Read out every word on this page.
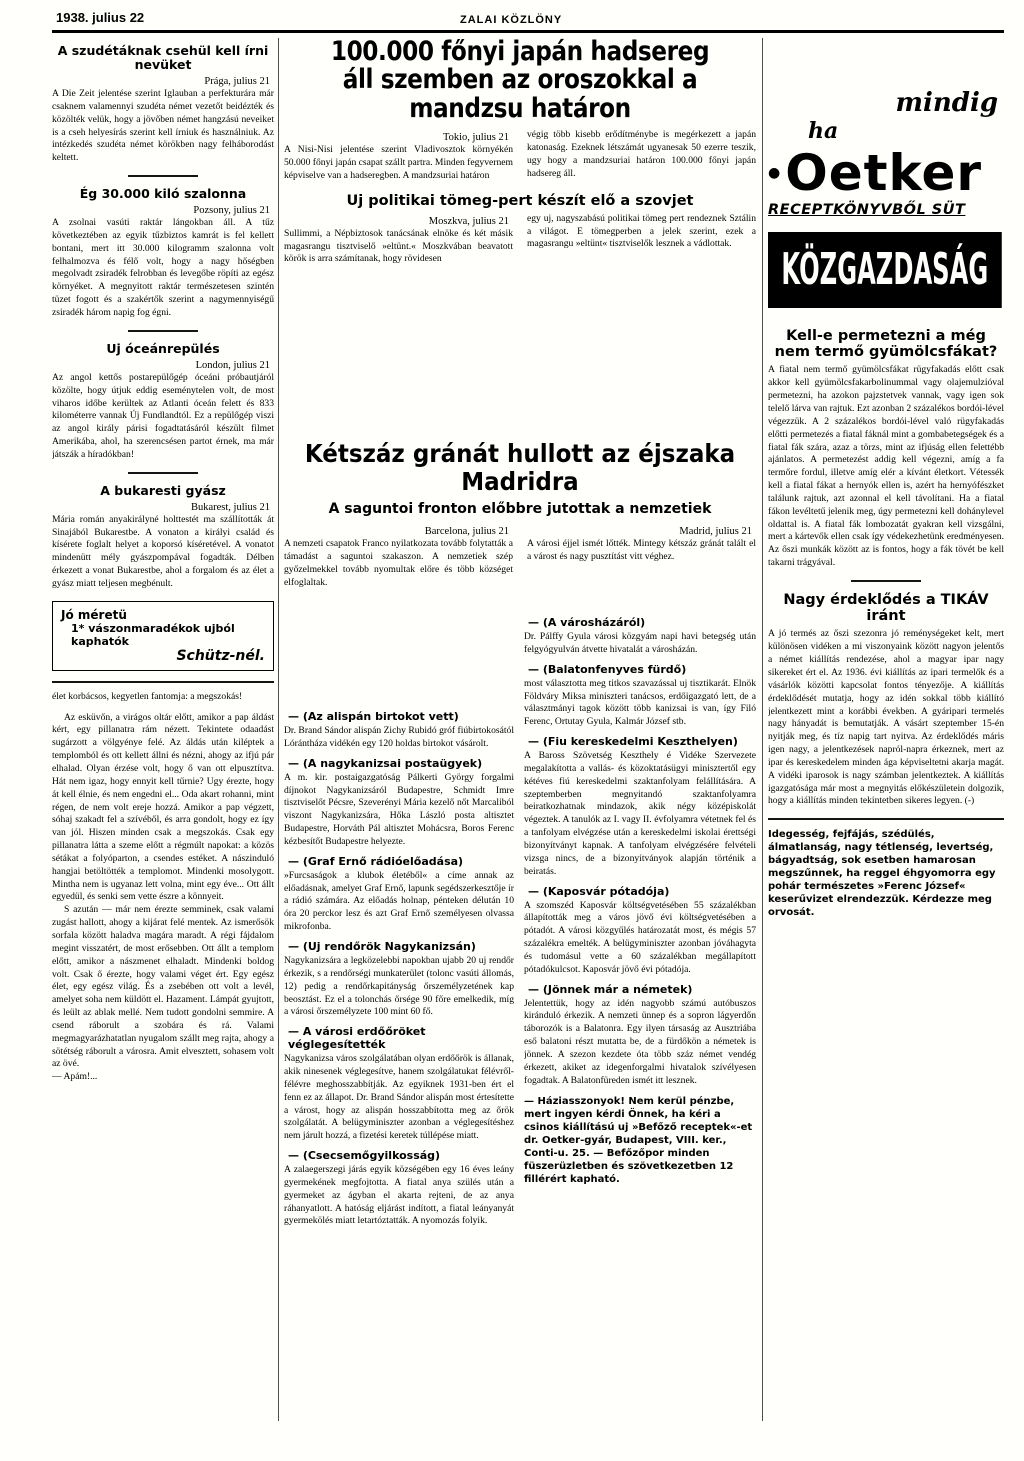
1938. julius 22	ZALAI KÖZLÖNY
A szudétáknak csehül kell írni nevüket
Prága, julius 21

A Die Zeit jelentése szerint Iglauban a perfekturára már csaknem valamennyi szudéta német vezetőt beidézték és közölték velük, hogy a jövőben német hangzású neveiket is a cseh helyesírás szerint kell írniuk és használniuk. Az intézkedés szudéta német körökben nagy felháborodást keltett.

Ég 30.000 kiló szalonna
Pozsony, julius 21

A zsolnai vasúti raktár lángokban áll. A tűz következtében az egyik tűzbiztos kamrát is fel kellett bontani, mert itt 30.000 kilogramm szalonna volt felhalmozva és félő volt, hogy a nagy hőségben megolvadt zsiradék felrobban és levegőbe röpíti az egész környéket. A megnyitott raktár természetesen szintén tüzet fogott és a szakértők szerint a nagymennyiségű zsiradék három napig fog égni.

Uj óceánrepülés
London, julius 21

Az angol kettős postarepülőgép óceáni próbautjáról közölte, hogy útjuk eddig eseménytelen volt, de most viharos időbe kerültek az Atlanti óceán felett és 833 kilométerre vannak Új Fundlandtól. Ez a repülőgép viszi az angol király párisi fogadtatásáról készült filmet Amerikába, ahol, ha szerencsésen partot érnek, ma már játszák a híradókban!

A bukaresti gyász
Bukarest, julius 21

Mária román anyakirályné holttestét ma szállították át Sinajából Bukarestbe. A vonaton a királyi család és kísérete foglalt helyet a koporsó kíséretével. A vonatot mindenütt mély gyászpompával fogadták. Délben érkezett a vonat Bukarestbe, ahol a forgalom és az élet a gyász miatt teljesen megbénult.

Jó méretü
1* vászonmaradékok ujból kaphatók
Schütz-nél.

élet korbácsos, kegyetlen fantomja: a megszokás!

Az esküvőn, a virágos oltár előtt, amikor a pap áldást kért, egy pillanatra rám nézett. Tekintete odaadást sugárzott a völgyénye felé. Az áldás után kiléptek a templomból és ott kellett állni és nézni, ahogy az ifjú pár elhalad. Olyan érzése volt, hogy ő van ott elpusztítva. Hát nem igaz, hogy ennyit kell tűrnie? Ugy érezte, hogy át kell élnie, és nem engedni el... Oda akart rohanni, mint régen, de nem volt ereje hozzá. Amikor a pap végzett, sóhaj szakadt fel a szívéből, és arra gondolt, hogy ez így van jól. Hiszen minden csak a megszokás. Csak egy pillanatra látta a szeme előtt a régmúlt napokat: a közös sétákat a folyóparton, a csendes estéket. A nászinduló hangjai betöltötték a templomot. Mindenki mosolygott. Mintha nem is ugyanaz lett volna, mint egy éve... Ott állt egyedül, és senki sem vette észre a könnyeit.

S azután — már nem érezte semminek, csak valami zugást hallott, ahogy a kijárat felé mentek. Az ismerősök sorfala között haladva magára maradt. A régi fájdalom megint visszatért, de most erősebben. Ott állt a templom előtt, amikor a nászmenet elhaladt. Mindenki boldog volt. Csak ő érezte, hogy valami véget ért. Egy egész élet, egy egész világ. És a zsebében ott volt a levél, amelyet soha nem küldött el. Hazament. Lámpát gyujtott, és leült az ablak mellé. Nem tudott gondolni semmire. A csend ráborult a szobára és rá. Valami megmagyarázhatatlan nyugalom szállt meg rajta, ahogy a sötétség ráborult a városra. Amit elvesztett, sohasem volt az övé.

— Apám!...

100.000 főnyi japán hadsereg áll szemben az oroszokkal a mandzsu határon
Tokio, julius 21

A Nisi-Nisi jelentése szerint Vladivosztok környékén 50.000 főnyi japán csapat szállt partra. Minden fegyvernem képviselve van a hadseregben. A mandzsuriai határon

végig több kisebb erődítménybe is megérkezett a japán katonaság. Ezeknek létszámát ugyanesak 50 ezerre teszik, ugy hogy a mandzsuriai határon 100.000 főnyi japán hadsereg áll.

Uj politikai tömeg-pert készít elő a szovjet
Moszkva, julius 21

Sullimmi, a Népbiztosok tanácsának elnöke és két másik magasrangu tisztviselő »eltünt.« Moszkvában beavatott körök is arra számítanak, hogy rövidesen

egy uj, nagyszabású politikai tömeg pert rendeznek Sztálin a világot. E tömegperben a jelek szerint, ezek a magasrangu »eltünt« tisztviselők lesznek a vádlottak.

Kétszáz gránát hullott az éjszaka Madridra
A saguntoi fronton előbbre jutottak a nemzetiek
Barcelona, julius 21

A nemzeti csapatok Franco nyilatkozata tovább folytatták a támadást a saguntoi szakaszon. A nemzetiek szép győzelmekkel tovább nyomultak előre és több községet elfoglaltak.

Madrid, julius 21

A városi éjjel ismét lőtték. Mintegy kétszáz gránát talált el a várost és nagy pusztítást vitt véghez.

— (Az alispán birtokot vett)

Dr. Brand Sándor alispán Zichy Rubidó gróf fiúbirtokosától Lórántháza vidékén egy 120 holdas birtokot vásárolt.

— (A nagykanizsai postaügyek)

A m. kir. postaigazgatóság Pálkerti György forgalmi díjnokot Nagykanizsáról Budapestre, Schmidt Imre tisztviselőt Pécsre, Szeverényi Mária kezelő nőt Marcaliból viszont Nagykanizsára, Hőka László posta altisztet Budapestre, Horváth Pál altisztet Mohácsra, Boros Ferenc kézbesítőt Budapestre helyezte.

— (Graf Ernő rádióelőadása)

»Furcsaságok a klubok életéből« a címe annak az előadásnak, amelyet Graf Ernő, lapunk segédszerkesztője ír a rádió számára. Az előadás holnap, pénteken délután 10 óra 20 perckor lesz és azt Graf Ernő személyesen olvassa mikrofonba.

— (Uj rendőrök Nagykanizsán)

Nagykanizsára a legközelebbi napokban ujabb 20 uj rendőr érkezik, s a rendőrségi munkaterület (tolonc vasúti állomás, 12) pedig a rendőrkapitányság őrszemélyzetének kap beosztást. Ez el a tolonchás őrsége 90 főre emelkedik, míg a városi őrszemélyzete 100 mint 60 fő.

— A városi erdőőröket véglegesítették

Nagykanizsa város szolgálatában olyan erdőőrök is állanak, akik ninesenek véglegesítve, hanem szolgálatukat félévről-félévre meghosszabbítják. Az egyiknek 1931-ben ért el fenn ez az állapot. Dr. Brand Sándor alispán most értesítette a várost, hogy az alispán hosszabbította meg az őrök szolgálatát. A belügyminiszter azonban a véglegesítéshez nem járult hozzá, a fizetési keretek túllépése miatt.

— (Csecsemőgyilkosság)

A zalaegerszegi járás egyik községében egy 16 éves leány gyermekének megfojtotta. A fiatal anya szülés után a gyermeket az ágyban el akarta rejteni, de az anya ráhanyatlott. A hatóság eljárást indított, a fiatal leányanyát gyermekölés miatt letartóztatták. A nyomozás folyik.

— (A városházáról)

Dr. Pálffy Gyula városi közgyám napi havi betegség után felgyógyulván átvette hivatalát a városházán.

— (Balatonfenyves fürdő)

most választotta meg titkos szavazással uj tisztikarát. Elnök Földváry Miksa miniszteri tanácsos, erdőigazgató lett, de a választmányi tagok között több kanizsai is van, így Filó Ferenc, Ortutay Gyula, Kalmár József stb.

— (Fiu kereskedelmi Keszthelyen)

A Baross Szövetség Keszthely é Vidéke Szervezete megalakította a vallás- és közoktatásügyi minisztertől egy kétéves fiú kereskedelmi szaktanfolyam felállítására. A szeptemberben megnyitandó szaktanfolyamra beiratkozhatnak mindazok, akik négy középiskolát végeztek. A tanulók az I. vagy II. évfolyamra vétetnek fel és a tanfolyam elvégzése után a kereskedelmi iskolai érettségi bizonyítványt kapnak. A tanfolyam elvégzésére felvételi vizsga nincs, de a bizonyítványok alapján történik a beiratás.

— (Kaposvár pótadója)

A szomszéd Kaposvár költségvetésében 55 százalékban állapították meg a város jövő évi költségvetésében a pótadót. A városi közgyűlés határozatát most, és mégis 57 százalékra emelték. A belügyminiszter azonban jóváhagyta és tudomásul vette a 60 százalékban megállapított pótadókulcsot. Kaposvár jövő évi pótadója.

— (Jönnek már a németek)

Jelentettük, hogy az idén nagyobb számú autóbuszos kiránduló érkezik. A nemzeti ünnep és a sopron lágyerdőn táborozók is a Balatonra. Egy ilyen társaság az Ausztriába eső balatoni részt mutatta be, de a fürdőkön a németek is jönnek. A szezon kezdete óta több száz német vendég érkezett, akiket az idegenforgalmi hivatalok szívélyesen fogadtak. A Balatonfüreden ismét itt lesznek.

— Háziasszonyok! Nem kerül pénzbe, mert ingyen kérdi Önnek, ha kéri a csinos kiállítású uj »Befőző receptek«-et dr. Oetker-gyár, Budapest, VIII. ker., Conti-u. 25. — Befőzőpor minden füszerüzletben és szövetkezetben 12 fillérért kapható.

mindig
ha
● Oetker
RECEPTKÖNYVBŐL SÜT
KÖZGAZDASÁG
Kell-e permetezni a még nem termő gyümölcsfákat?

A fiatal nem termő gyümölcsfákat rügyfakadás előtt csak akkor kell gyümölcsfakarbolinummal vagy olajemulzióval permetezni, ha azokon pajzstetvek vannak, vagy igen sok telelő lárva van rajtuk. Ezt azonban 2 százalékos bordói-lével végezzük. A 2 százalékos bordói-lével való rügyfakadás előtti permetezés a fiatal fáknál mint a gombabetegségek és a fiatal fák szára, azaz a törzs, mint az ifjúság ellen felettébb ajánlatos. A permetezést addig kell végezni, amíg a fa termőre fordul, illetve amíg elér a kívánt életkort. Vétessék kell a fiatal fákat a hernyók ellen is, azért ha hernyófészket találunk rajtuk, azt azonnal el kell távolítani. Ha a fiatal fákon levéltetű jelenik meg, úgy permetezni kell dohánylevel oldattal is. A fiatal fák lombozatát gyakran kell vizsgálni, mert a kártevők ellen csak így védekezhetünk eredményesen. Az őszi munkák között az is fontos, hogy a fák tövét be kell takarni trágyával.

Nagy érdeklődés a TIKÁV iránt

A jó termés az őszi szezonra jó reménységeket kelt, mert különösen vidéken a mi viszonyaink között nagyon jelentős a német kiállítás rendezése, ahol a magyar ipar nagy sikereket ért el. Az 1936. évi kiállítás az ipari termelők és a vásárlók közötti kapcsolat fontos tényezője. A kiállítás érdeklődését mutatja, hogy az idén sokkal több kiállító jelentkezett mint a korábbi években. A gyáripari termelés nagy hányadát is bemutatják. A vásárt szeptember 15-én nyitják meg, és tíz napig tart nyitva. Az érdeklődés máris igen nagy, a jelentkezések napról-napra érkeznek, mert az ipar és kereskedelem minden ága képviseltetni akarja magát. A vidéki iparosok is nagy számban jelentkeztek. A kiállítás igazgatósága már most a megnyitás előkészületein dolgozik, hogy a kiállítás minden tekintetben sikeres legyen. (-)

Idegesség, fejfájás, szédülés, álmatlanság, nagy tétlenség, levertség, bágyadtság, sok esetben hamarosan megszűnnek, ha reggel éhgyomorra egy pohár természetes »Ferenc József« keserűvizet elrendezzük. Kérdezze meg orvosát.
